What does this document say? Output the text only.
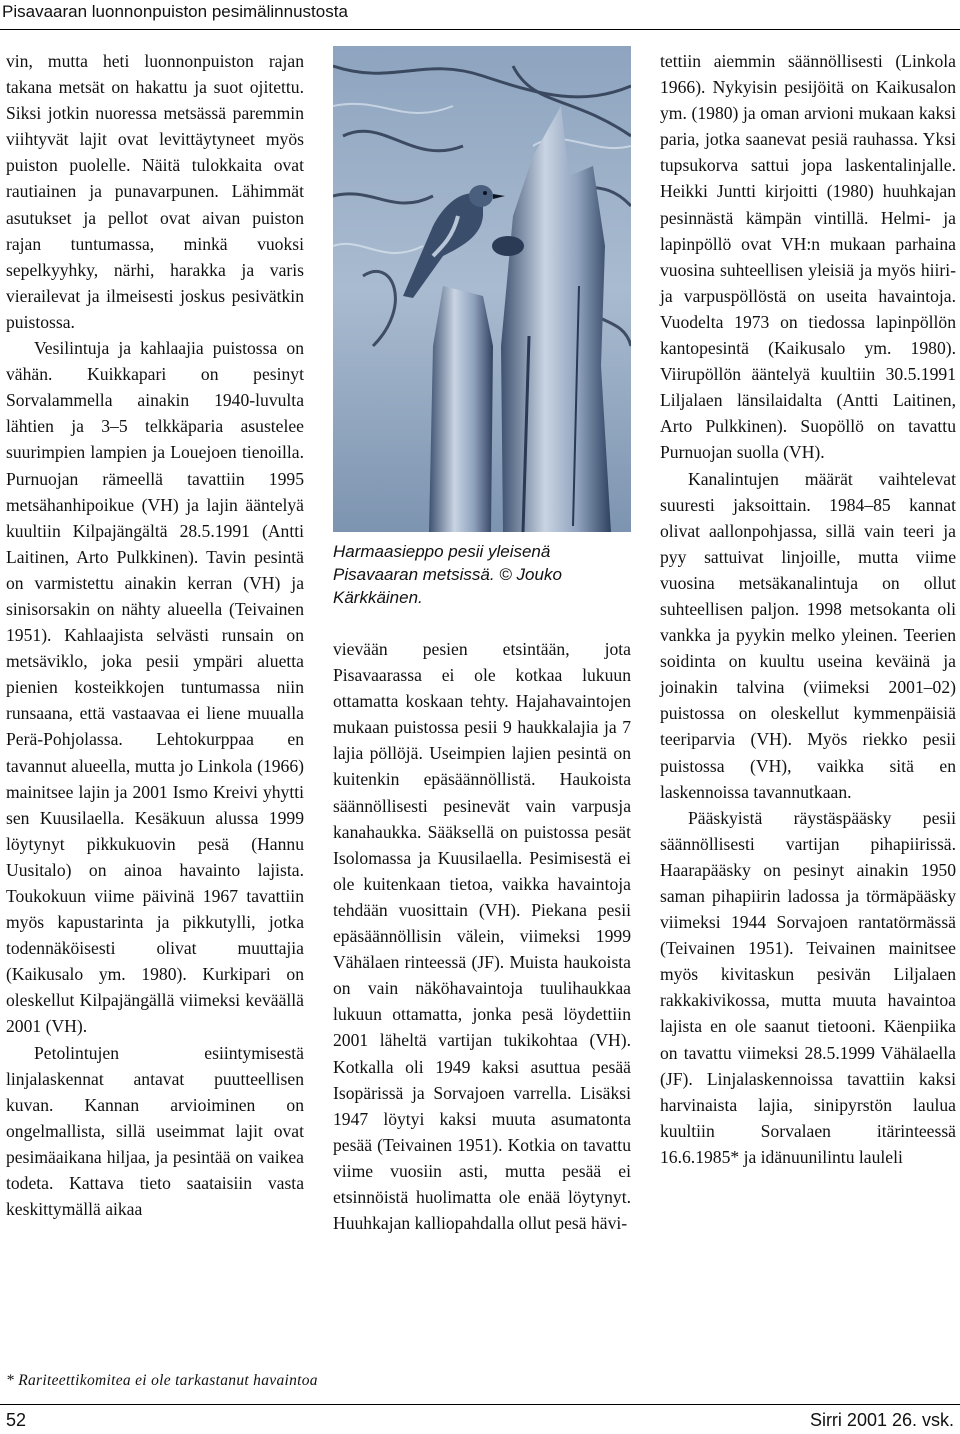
Pisavaaran luonnonpuiston pesimälinnustosta

vin, mutta heti luonnonpuiston rajan takana metsät on hakattu ja suot ojitettu. Siksi jotkin nuoressa metsässä paremmin viihtyvät lajit ovat levittäytyneet myös puiston puolelle. Näitä tulokkaita ovat rautiainen ja punavarpunen. Lähimmät asutukset ja pellot ovat aivan puiston rajan tuntumassa, minkä vuoksi sepelkyyhky, närhi, harakka ja varis vierailevat ja ilmeisesti joskus pesivätkin puistossa.

Vesilintuja ja kahlaajia puistossa on vähän. Kuikkapari on pesinyt Sorvalammella ainakin 1940-luvulta lähtien ja 3–5 telkkäparia asustelee suurimpien lampien ja Louejoen tienoilla. Purnuojan rämeellä tavattiin 1995 metsähanhipoikue (VH) ja lajin ääntelyä kuultiin Kilpajängältä 28.5.1991 (Antti Laitinen, Arto Pulkkinen). Tavin pesintä on varmistettu ainakin kerran (VH) ja sinisorsakin on nähty alueella (Teivainen 1951). Kahlaajista selvästi runsain on metsäviklo, joka pesii ympäri aluetta pienien kosteikkojen tuntumassa niin runsaana, että vastaavaa ei liene muualla Perä-Pohjolassa. Lehtokurppaa en tavannut alueella, mutta jo Linkola (1966) mainitsee lajin ja 2001 Ismo Kreivi yhytti sen Kuusilaella. Kesäkuun alussa 1999 löytynyt pikkukuovin pesä (Hannu Uusitalo) on ainoa havainto lajista. Toukokuun viime päivinä 1967 tavattiin myös kapustarinta ja pikkutylli, jotka todennäköisesti olivat muuttajia (Kaikusalo ym. 1980). Kurkipari on oleskellut Kilpajängällä viimeksi keväällä 2001 (VH).

Petolintujen esiintymisestä linjalaskennat antavat puutteellisen kuvan. Kannan arvioiminen on ongelmallista, sillä useimmat lajit ovat pesimäaikana hiljaa, ja pesintää on vaikea todeta. Kattava tieto saataisiin vasta keskittymällä aikaa

Harmaasieppo pesii yleisenä Pisavaaran metsissä. © Jouko Kärkkäinen.

vievään pesien etsintään, jota Pisavaarassa ei ole kotkaa lukuun ottamatta koskaan tehty. Hajahavaintojen mukaan puistossa pesii 9 haukkalajia ja 7 lajia pöllöjä. Useimpien lajien pesintä on kuitenkin epäsäännöllistä. Haukoista säännöllisesti pesinevät vain varpusja kanahaukka. Sääksellä on puistossa pesät Isolomassa ja Kuusilaella. Pesimisestä ei ole kuitenkaan tietoa, vaikka havaintoja tehdään vuosittain (VH). Piekana pesii epäsäännöllisin välein, viimeksi 1999 Vähälaen rinteessä (JF). Muista haukoista on vain näköhavaintoja tuulihaukkaa lukuun ottamatta, jonka pesä löydettiin 2001 läheltä vartijan tukikohtaa (VH). Kotkalla oli 1949 kaksi asuttua pesää Isopärissä ja Sorvajoen varrella. Lisäksi 1947 löytyi kaksi muuta asumatonta pesää (Teivainen 1951). Kotkia on tavattu viime vuosiin asti, mutta pesää ei etsinnöistä huolimatta ole enää löytynyt. Huuhkajan kalliopahdalla ollut pesä hävi-

tettiin aiemmin säännöllisesti (Linkola 1966). Nykyisin pesijöitä on Kaikusalon ym. (1980) ja oman arvioni mukaan kaksi paria, jotka saanevat pesiä rauhassa. Yksi tupsukorva sattui jopa laskentalinjalle. Heikki Juntti kirjoitti (1980) huuhkajan pesinnästä kämpän vintillä. Helmi- ja lapinpöllö ovat VH:n mukaan parhaina vuosina suhteellisen yleisiä ja myös hiiri- ja varpuspöllöstä on useita havaintoja. Vuodelta 1973 on tiedossa lapinpöllön kantopesintä (Kaikusalo ym. 1980). Viirupöllön ääntelyä kuultiin 30.5.1991 Liljalaen länsilaidalta (Antti Laitinen, Arto Pulkkinen). Suopöllö on tavattu Purnuojan suolla (VH).

Kanalintujen määrät vaihtelevat suuresti jaksoittain. 1984–85 kannat olivat aallonpohjassa, sillä vain teeri ja pyy sattuivat linjoille, mutta viime vuosina metsäkanalintuja on ollut suhteellisen paljon. 1998 metsokanta oli vankka ja pyykin melko yleinen. Teerien soidinta on kuultu useina keväinä ja joinakin talvina (viimeksi 2001–02) puistossa on oleskellut kymmenpäisiä teeriparvia (VH). Myös riekko pesii puistossa (VH), vaikka sitä en laskennoissa tavannutkaan.

Pääskyistä räystäspääsky pesii säännöllisesti vartijan pihapiirissä. Haarapääsky on pesinyt ainakin 1950 saman pihapiirin ladossa ja törmäpääsky viimeksi 1944 Sorvajoen rantatörmässä (Teivainen 1951). Teivainen mainitsee myös kivitaskun pesivän Liljalaen rakkakivikossa, mutta muuta havaintoa lajista en ole saanut tietooni. Käenpiika on tavattu viimeksi 28.5.1999 Vähälaella (JF). Linjalaskennoissa tavattiin kaksi harvinaista lajia, sinipyrstön laulua kuultiin Sorvalaen itärinteessä 16.6.1985* ja idänuunilintu lauleli

* Rariteettikomitea ei ole tarkastanut havaintoa
52	Sirri 2001 26. vsk.
